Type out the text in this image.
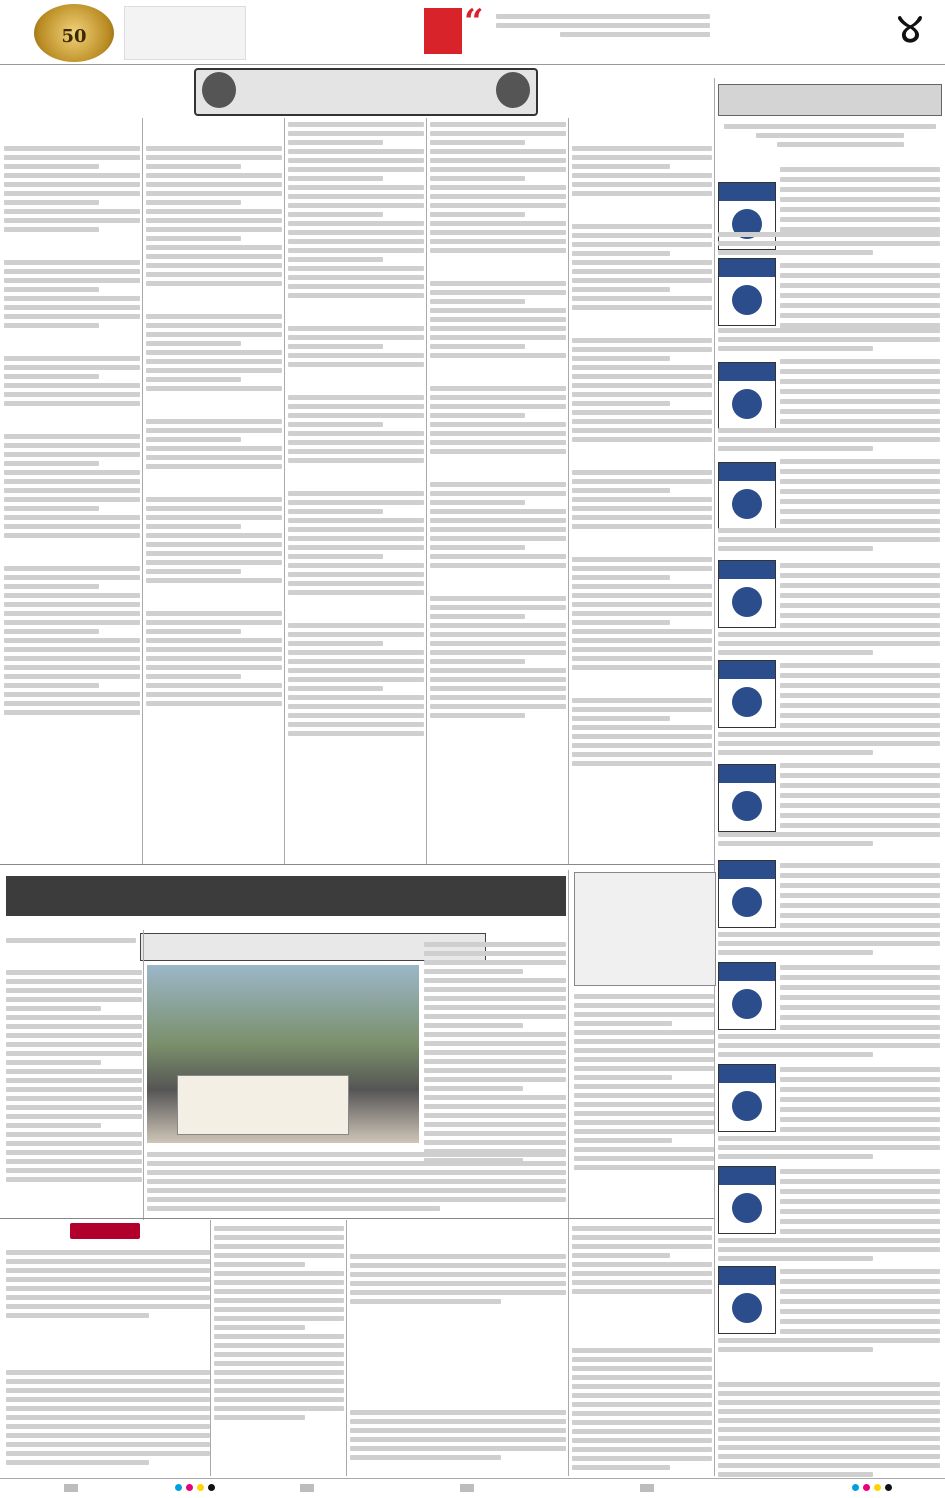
50	“	୪
